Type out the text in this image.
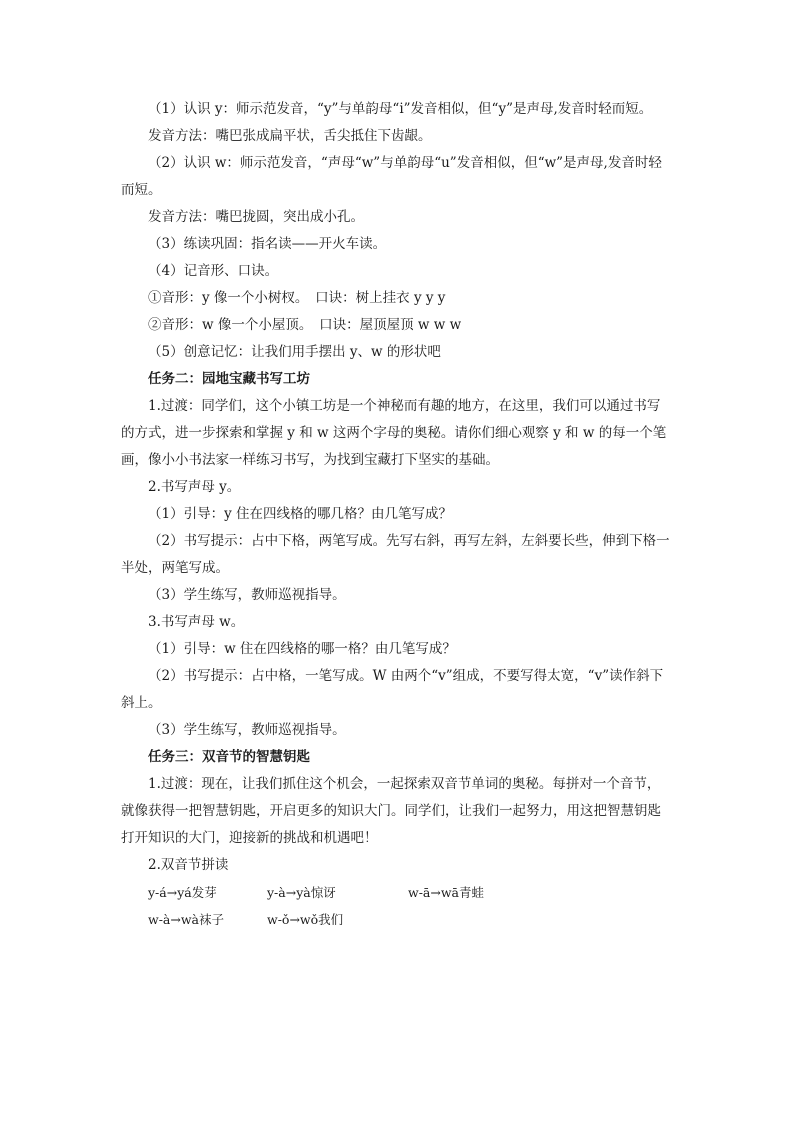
（1）认识 y：师示范发音，“y”与单韵母“i”发音相似，但“y”是声母,发音时轻而短。

发音方法：嘴巴张成扁平状，舌尖抵住下齿龈。

（2）认识 w：师示范发音，“声母“w”与单韵母“u”发音相似，但“w”是声母,发音时轻而短。

发音方法：嘴巴拢圆，突出成小孔。

（3）练读巩固：指名读——开火车读。

（4）记音形、口诀。

①音形：y 像一个小树杈。　口诀：树上挂衣 y y y

②音形：w 像一个小屋顶。　口诀：屋顶屋顶 w w w

（5）创意记忆：让我们用手摆出 y、w 的形状吧

任务二：园地宝藏书写工坊

1.过渡：同学们，这个小镇工坊是一个神秘而有趣的地方，在这里，我们可以通过书写的方式，进一步探索和掌握 y 和 w 这两个字母的奥秘。请你们细心观察 y 和 w 的每一个笔画，像小小书法家一样练习书写，为找到宝藏打下坚实的基础。

2.书写声母 y。

（1）引导：y 住在四线格的哪几格？由几笔写成？

（2）书写提示：占中下格，两笔写成。先写右斜，再写左斜，左斜要长些，伸到下格一半处，两笔写成。

（3）学生练写，教师巡视指导。

3.书写声母 w。

（1）引导：w 住在四线格的哪一格？由几笔写成？

（2）书写提示：占中格，一笔写成。W 由两个“v”组成，不要写得太宽，“v”读作斜下斜上。

（3）学生练写，教师巡视指导。

任务三：双音节的智慧钥匙

1.过渡：现在，让我们抓住这个机会，一起探索双音节单词的奥秘。每拼对一个音节，就像获得一把智慧钥匙，开启更多的知识大门。同学们，让我们一起努力，用这把智慧钥匙打开知识的大门，迎接新的挑战和机遇吧！

2.双音节拼读

y-á→yá发芽	y-à→yà惊讶	w-ā→wā青蛙
w-à→wà袜子	w-ǒ→wǒ我们
